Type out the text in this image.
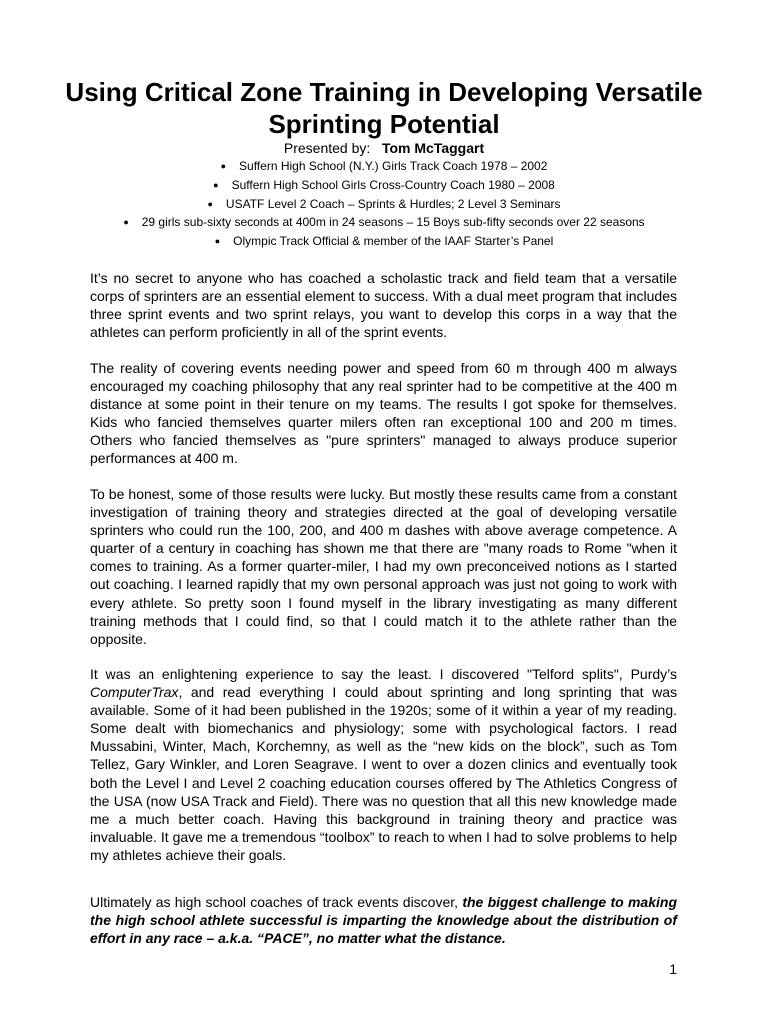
Using Critical Zone Training in Developing Versatile Sprinting Potential
Presented by: Tom McTaggart
● Suffern High School (N.Y.) Girls Track Coach 1978 – 2002
● Suffern High School Girls Cross-Country Coach 1980 – 2008
● USATF Level 2 Coach – Sprints & Hurdles; 2 Level 3 Seminars
● 29 girls sub-sixty seconds at 400m in 24 seasons – 15 Boys sub-fifty seconds over 22 seasons
● Olympic Track Official & member of the IAAF Starter’s Panel

It’s no secret to anyone who has coached a scholastic track and field team that a versatile corps of sprinters are an essential element to success. With a dual meet program that includes three sprint events and two sprint relays, you want to develop this corps in a way that the athletes can perform proficiently in all of the sprint events.

The reality of covering events needing power and speed from 60 m through 400 m always encouraged my coaching philosophy that any real sprinter had to be competitive at the 400 m distance at some point in their tenure on my teams. The results I got spoke for themselves. Kids who fancied themselves quarter milers often ran exceptional 100 and 200 m times. Others who fancied themselves as "pure sprinters" managed to always produce superior performances at 400 m.

To be honest, some of those results were lucky. But mostly these results came from a constant investigation of training theory and strategies directed at the goal of developing versatile sprinters who could run the 100, 200, and 400 m dashes with above average competence. A quarter of a century in coaching has shown me that there are "many roads to Rome "when it comes to training. As a former quarter-miler, I had my own preconceived notions as I started out coaching. I learned rapidly that my own personal approach was just not going to work with every athlete. So pretty soon I found myself in the library investigating as many different training methods that I could find, so that I could match it to the athlete rather than the opposite.

It was an enlightening experience to say the least. I discovered "Telford splits", Purdy’s ComputerTrax, and read everything I could about sprinting and long sprinting that was available. Some of it had been published in the 1920s; some of it within a year of my reading. Some dealt with biomechanics and physiology; some with psychological factors. I read Mussabini, Winter, Mach, Korchemny, as well as the “new kids on the block”, such as Tom Tellez, Gary Winkler, and Loren Seagrave. I went to over a dozen clinics and eventually took both the Level I and Level 2 coaching education courses offered by The Athletics Congress of the USA (now USA Track and Field). There was no question that all this new knowledge made me a much better coach. Having this background in training theory and practice was invaluable. It gave me a tremendous “toolbox” to reach to when I had to solve problems to help my athletes achieve their goals.

Ultimately as high school coaches of track events discover, the biggest challenge to making the high school athlete successful is imparting the knowledge about the distribution of effort in any race – a.k.a. “PACE”, no matter what the distance.

1
